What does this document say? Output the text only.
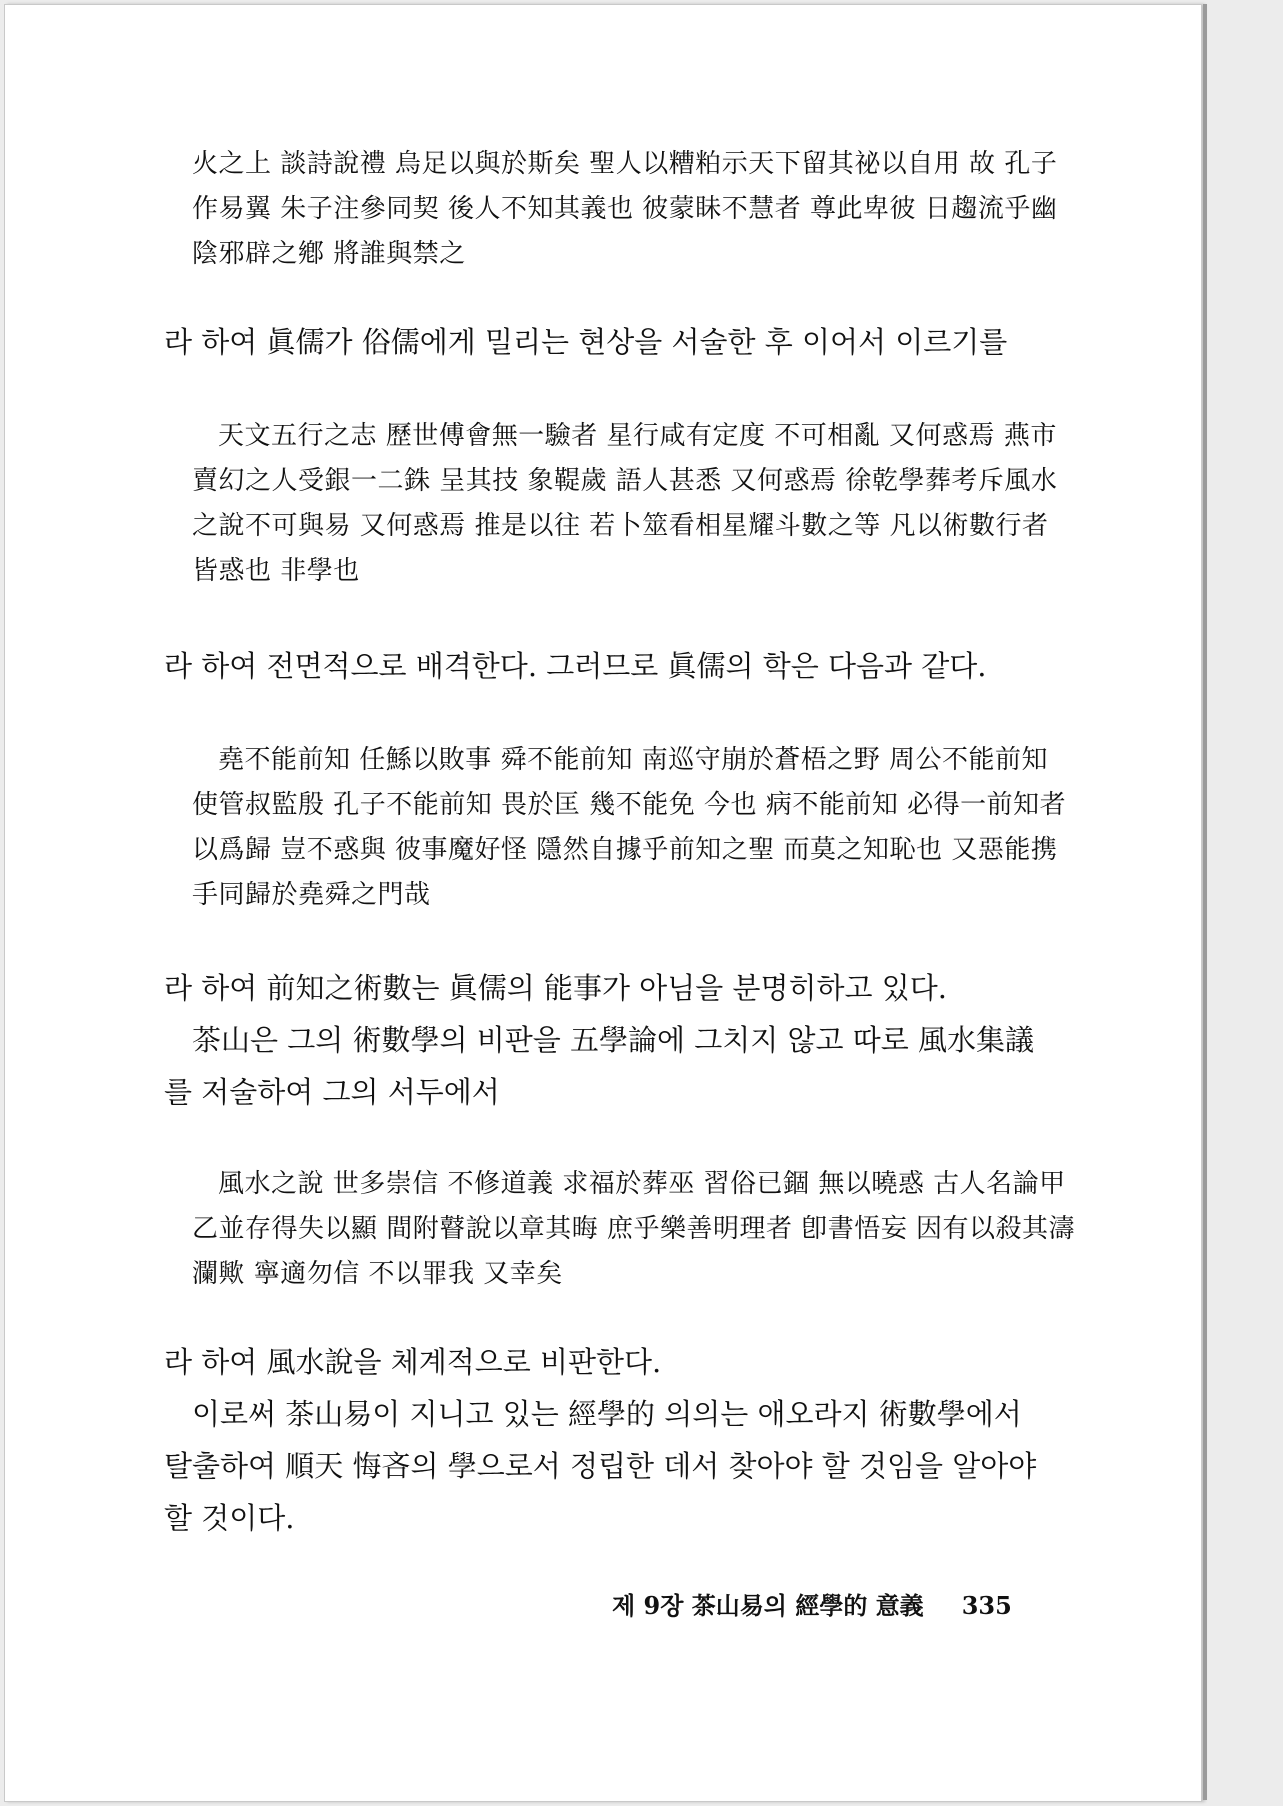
火之上 談詩說禮 烏足以與於斯矣 聖人以糟粕示天下留其祕以自用 故 孔子
作易翼 朱子注參同契 後人不知其義也 彼蒙眛不慧者 尊此卑彼 日趨流乎幽
陰邪辟之鄕 將誰與禁之
라 하여 眞儒가 俗儒에게 밀리는 현상을 서술한 후 이어서 이르기를
天文五行之志 歷世傅會無一驗者 星行咸有定度 不可相亂 又何惑焉 燕市
賣幻之人受銀一二銖 呈其技 象鞮歲 語人甚悉 又何惑焉 徐乾學葬考斥風水
之說不可與易 又何惑焉 推是以往 若卜筮看相星耀斗數之等 凡以術數行者
皆惑也 非學也
라 하여 전면적으로 배격한다. 그러므로 眞儒의 학은 다음과 같다.
堯不能前知 任鯀以敗事 舜不能前知 南巡守崩於蒼梧之野 周公不能前知
使管叔監殷 孔子不能前知 畏於匡 幾不能免 今也 病不能前知 必得一前知者
以爲歸 豈不惑與 彼事魔好怪 隱然自據乎前知之聖 而莫之知恥也 又惡能携
手同歸於堯舜之門哉
라 하여 前知之術數는 眞儒의 能事가 아님을 분명히하고 있다.
茶山은 그의 術數學의 비판을 五學論에 그치지 않고 따로 風水集議
를 저술하여 그의 서두에서
風水之說 世多崇信 不修道義 求福於葬巫 習俗已錮 無以曉惑 古人名論甲
乙並存得失以顯 間附瞽說以章其晦 庶乎樂善明理者 卽書悟妄 因有以殺其濤
瀾歟 寧適勿信 不以罪我 又幸矣
라 하여 風水說을 체계적으로 비판한다.
이로써 茶山易이 지니고 있는 經學的 의의는 애오라지 術數學에서
탈출하여 順天 悔吝의 學으로서 정립한 데서 찾아야 할 것임을 알아야
할 것이다.
제 9장 茶山易의 經學的 意義 335
